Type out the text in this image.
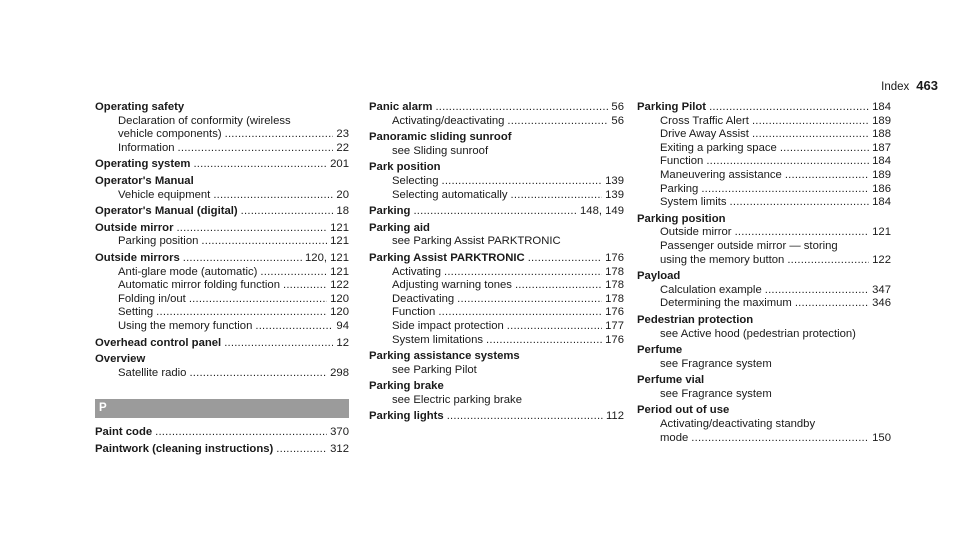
Index 463
Operating safety
Declaration of conformity (wireless
vehicle components) .....	23
Information .....	22
Operating system .....	201
Operator's Manual
Vehicle equipment .....	20
Operator's Manual (digital) .....	18
Outside mirror .....	121
Parking position .....	121
Outside mirrors .....	120, 121
Anti-glare mode (automatic) .....	121
Automatic mirror folding function .....	122
Folding in/out .....	120
Setting .....	120
Using the memory function .....	94
Overhead control panel .....	12
Overview
Satellite radio .....	298
P
Paint code .....	370
Paintwork (cleaning instructions) .....	312
Panic alarm .....	56
Activating/deactivating .....	56
Panoramic sliding sunroof
see Sliding sunroof
Park position
Selecting .....	139
Selecting automatically .....	139
Parking .....	148, 149
Parking aid
see Parking Assist PARKTRONIC
Parking Assist PARKTRONIC .....	176
Activating .....	178
Adjusting warning tones .....	178
Deactivating .....	178
Function .....	176
Side impact protection .....	177
System limitations .....	176
Parking assistance systems
see Parking Pilot
Parking brake
see Electric parking brake
Parking lights .....	112
Parking Pilot .....	184
Cross Traffic Alert .....	189
Drive Away Assist .....	188
Exiting a parking space .....	187
Function .....	184
Maneuvering assistance .....	189
Parking .....	186
System limits .....	184
Parking position
Outside mirror .....	121
Passenger outside mirror — storing
using the memory button .....	122
Payload
Calculation example .....	347
Determining the maximum .....	346
Pedestrian protection
see Active hood (pedestrian protection)
Perfume
see Fragrance system
Perfume vial
see Fragrance system
Period out of use
Activating/deactivating standby
mode .....	150
